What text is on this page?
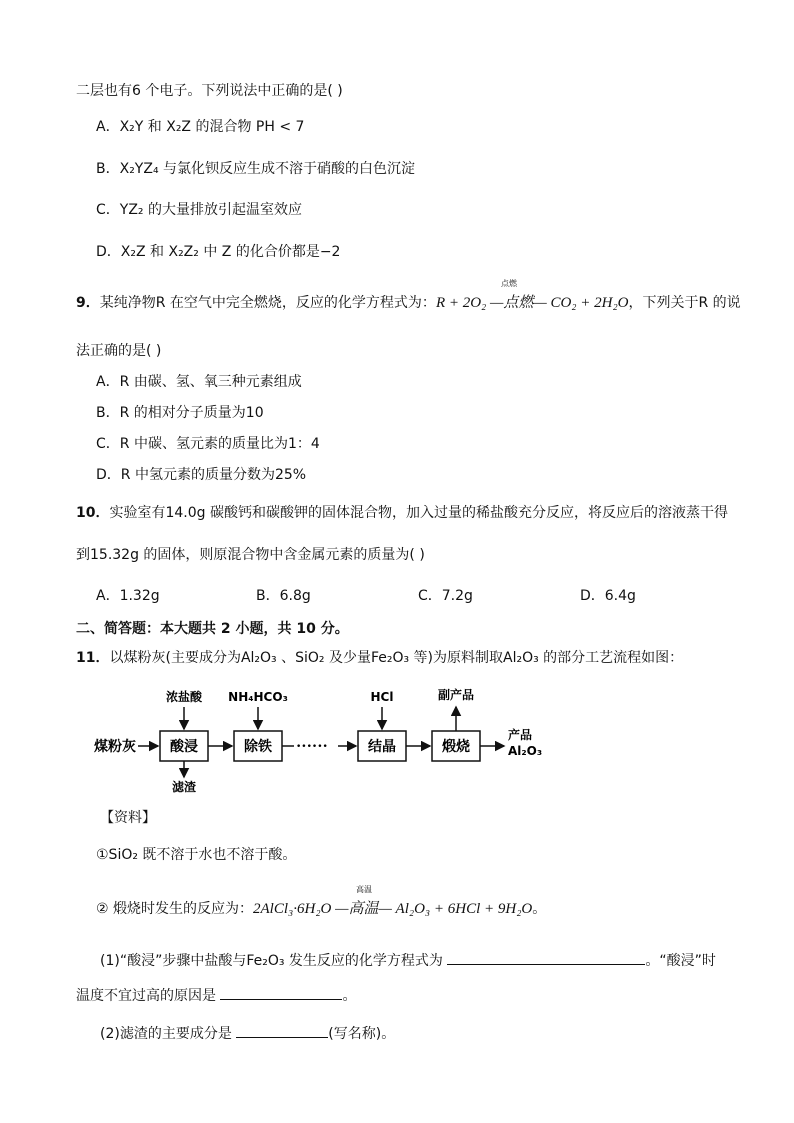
二层也有6 个电子。下列说法中正确的是( )
A．X₂Y 和 X₂Z 的混合物 PH < 7
B．X₂YZ₄ 与氯化钡反应生成不溶于硝酸的白色沉淀
C．YZ₂ 的大量排放引起温室效应
D．X₂Z 和 X₂Z₂ 中 Z 的化合价都是−2
9．某纯净物R 在空气中完全燃烧，反应的化学方程式为：R + 2O₂ —点燃— CO₂ + 2H₂O，下列关于R 的说
点燃
法正确的是( )
A．R 由碳、氢、氧三种元素组成
B．R 的相对分子质量为10
C．R 中碳、氢元素的质量比为1：4
D．R 中氢元素的质量分数为25%
10．实验室有14.0g 碳酸钙和碳酸钾的固体混合物，加入过量的稀盐酸充分反应，将反应后的溶液蒸干得
到15.32g 的固体，则原混合物中含金属元素的质量为( )
A．1.32g	B．6.8g	C．7.2g	D．6.4g
二、简答题：本大题共 2 小题，共 10 分。
11．以煤粉灰(主要成分为Al₂O₃ 、SiO₂ 及少量Fe₂O₃ 等)为原料制取Al₂O₃ 的部分工艺流程如图：
煤粉灰 酸浸
浓盐酸
滤渣
除铁
NH₄HCO₃
••••••	结晶
HCl
煅烧
副产品
产品
Al₂O₃
【资料】
①SiO₂ 既不溶于水也不溶于酸。
高温
② 煅烧时发生的反应为：2AlCl₃·6H₂O —高温— Al₂O₃ + 6HCl + 9H₂O。
(1)“酸浸”步骤中盐酸与Fe₂O₃ 发生反应的化学方程式为	。“酸浸”时
温度不宜过高的原因是	。
(2)滤渣的主要成分是	(写名称)。
